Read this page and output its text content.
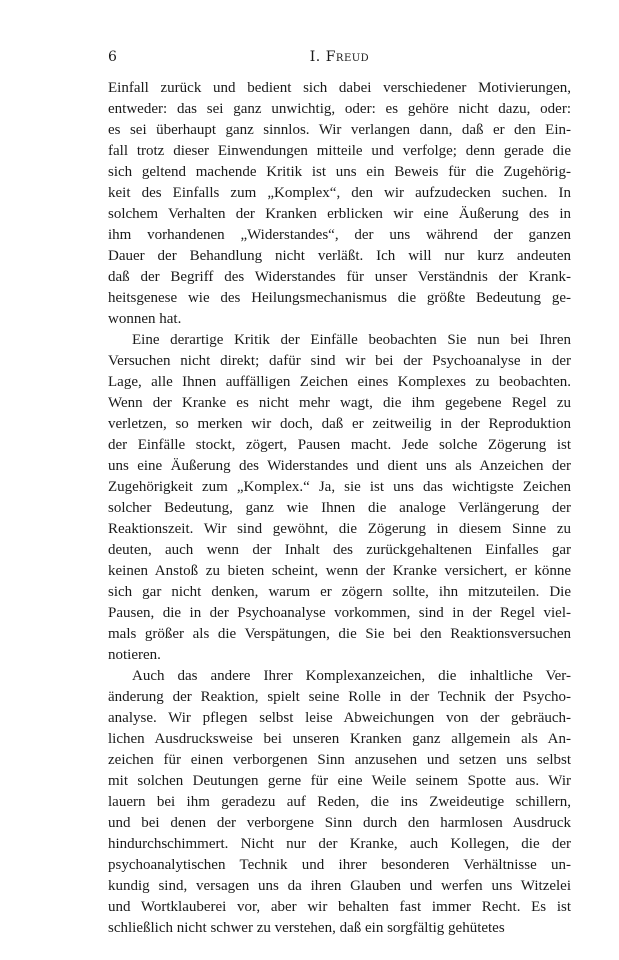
6	I. Freud
Einfall zurück und bedient sich dabei verschiedener Motivierungen,
entweder: das sei ganz unwichtig, oder: es gehöre nicht dazu, oder:
es sei überhaupt ganz sinnlos. Wir verlangen dann, daß er den Ein-
fall trotz dieser Einwendungen mitteile und verfolge; denn gerade die
sich geltend machende Kritik ist uns ein Beweis für die Zugehörig-
keit des Einfalls zum „Komplex“, den wir aufzudecken suchen. In
solchem Verhalten der Kranken erblicken wir eine Äußerung des in
ihm vorhandenen „Widerstandes“, der uns während der ganzen
Dauer der Behandlung nicht verläßt. Ich will nur kurz andeuten
daß der Begriff des Widerstandes für unser Verständnis der Krank-
heitsgenese wie des Heilungsmechanismus die größte Bedeutung ge-
wonnen hat.
Eine derartige Kritik der Einfälle beobachten Sie nun bei Ihren
Versuchen nicht direkt; dafür sind wir bei der Psychoanalyse in der
Lage, alle Ihnen auffälligen Zeichen eines Komplexes zu beobachten.
Wenn der Kranke es nicht mehr wagt, die ihm gegebene Regel zu
verletzen, so merken wir doch, daß er zeitweilig in der Reproduktion
der Einfälle stockt, zögert, Pausen macht. Jede solche Zögerung ist
uns eine Äußerung des Widerstandes und dient uns als Anzeichen der
Zugehörigkeit zum „Komplex.“ Ja, sie ist uns das wichtigste Zeichen
solcher Bedeutung, ganz wie Ihnen die analoge Verlängerung der
Reaktionszeit. Wir sind gewöhnt, die Zögerung in diesem Sinne zu
deuten, auch wenn der Inhalt des zurückgehaltenen Einfalles gar
keinen Anstoß zu bieten scheint, wenn der Kranke versichert, er könne
sich gar nicht denken, warum er zögern sollte, ihn mitzuteilen. Die
Pausen, die in der Psychoanalyse vorkommen, sind in der Regel viel-
mals größer als die Verspätungen, die Sie bei den Reaktionsversuchen
notieren.
Auch das andere Ihrer Komplexanzeichen, die inhaltliche Ver-
änderung der Reaktion, spielt seine Rolle in der Technik der Psycho-
analyse. Wir pflegen selbst leise Abweichungen von der gebräuch-
lichen Ausdrucksweise bei unseren Kranken ganz allgemein als An-
zeichen für einen verborgenen Sinn anzusehen und setzen uns selbst
mit solchen Deutungen gerne für eine Weile seinem Spotte aus. Wir
lauern bei ihm geradezu auf Reden, die ins Zweideutige schillern,
und bei denen der verborgene Sinn durch den harmlosen Ausdruck
hindurchschimmert. Nicht nur der Kranke, auch Kollegen, die der
psychoanalytischen Technik und ihrer besonderen Verhältnisse un-
kundig sind, versagen uns da ihren Glauben und werfen uns Witzelei
und Wortklauberei vor, aber wir behalten fast immer Recht. Es ist
schließlich nicht schwer zu verstehen, daß ein sorgfältig gehütetes
